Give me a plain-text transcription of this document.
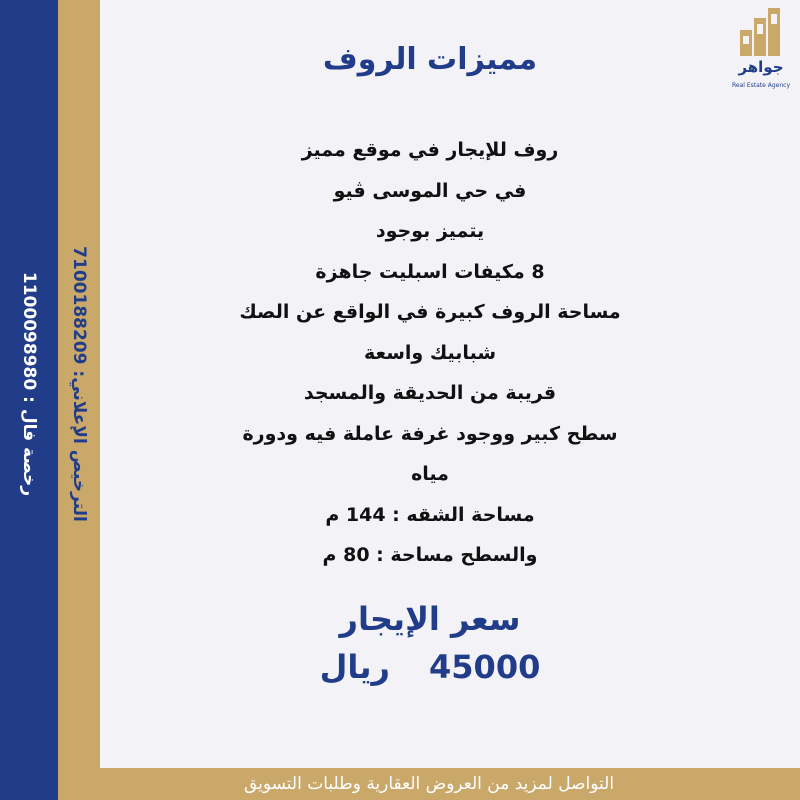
رخصة فال : 1100098980
الترخيص الإعلاني: 7100188209
جواهر
Real Estate Agency
مميزات الروف
روف للإيجار في موقع مميز
في حي الموسى ڤيو
يتميز بوجود
8 مكيفات اسبليت جاهزة
مساحة الروف كبيرة في الواقع عن الصك
شبابيك واسعة
قريبة من الحديقة والمسجد
سطح كبير ووجود غرفة عاملة فيه ودورة
مياه
مساحة الشقه : 144 م
والسطح مساحة : 80 م
سعر الإيجار
45000 ريال
التواصل لمزيد من العروض العقارية وطلبات التسويق
